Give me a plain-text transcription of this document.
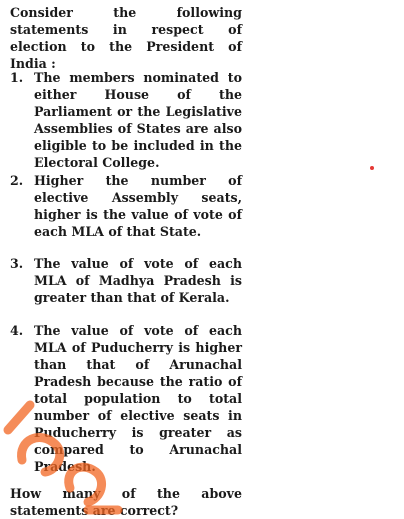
Consider the following statements in respect of election to the President of India :
1. The members nominated to either House of the Parliament or the Legislative Assemblies of States are also eligible to be included in the Electoral College.
2. Higher the number of elective Assembly seats, higher is the value of vote of each MLA of that State.
3. The value of vote of each MLA of Madhya Pradesh is greater than that of Kerala.
4. The value of vote of each MLA of Puducherry is higher than that of Arunachal Pradesh because the ratio of total population to total number of elective seats in Puducherry is greater as compared to Arunachal Pradesh.
How many of the above statements are correct?
